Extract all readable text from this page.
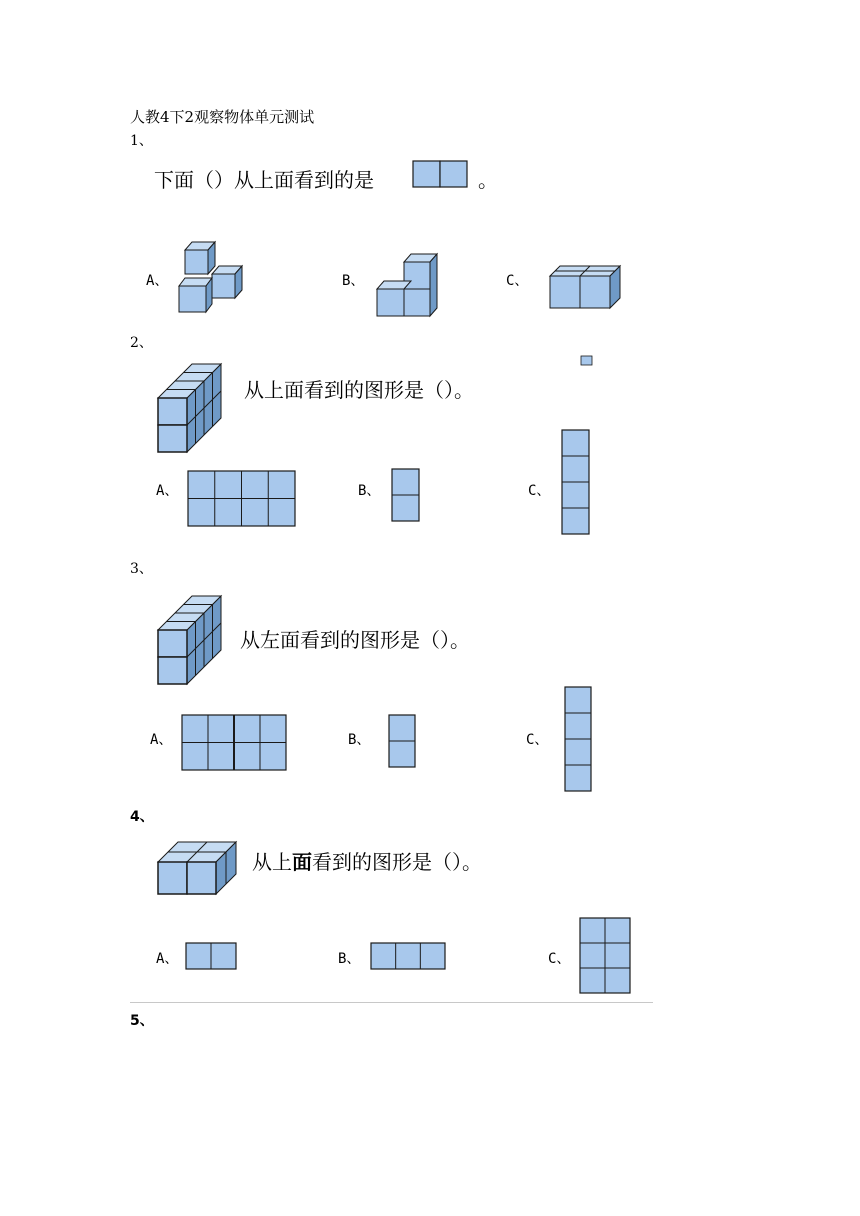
人教4下2观察物体单元测试
1、
下面（）从上面看到的是	。
A、	B、	C、
2、
从上面看到的图形是（）。
A、	B、	C、
3、
从左面看到的图形是（）。
A、	B、	C、
4、
从上面看到的图形是（）。
A、	B、	C、
5、
